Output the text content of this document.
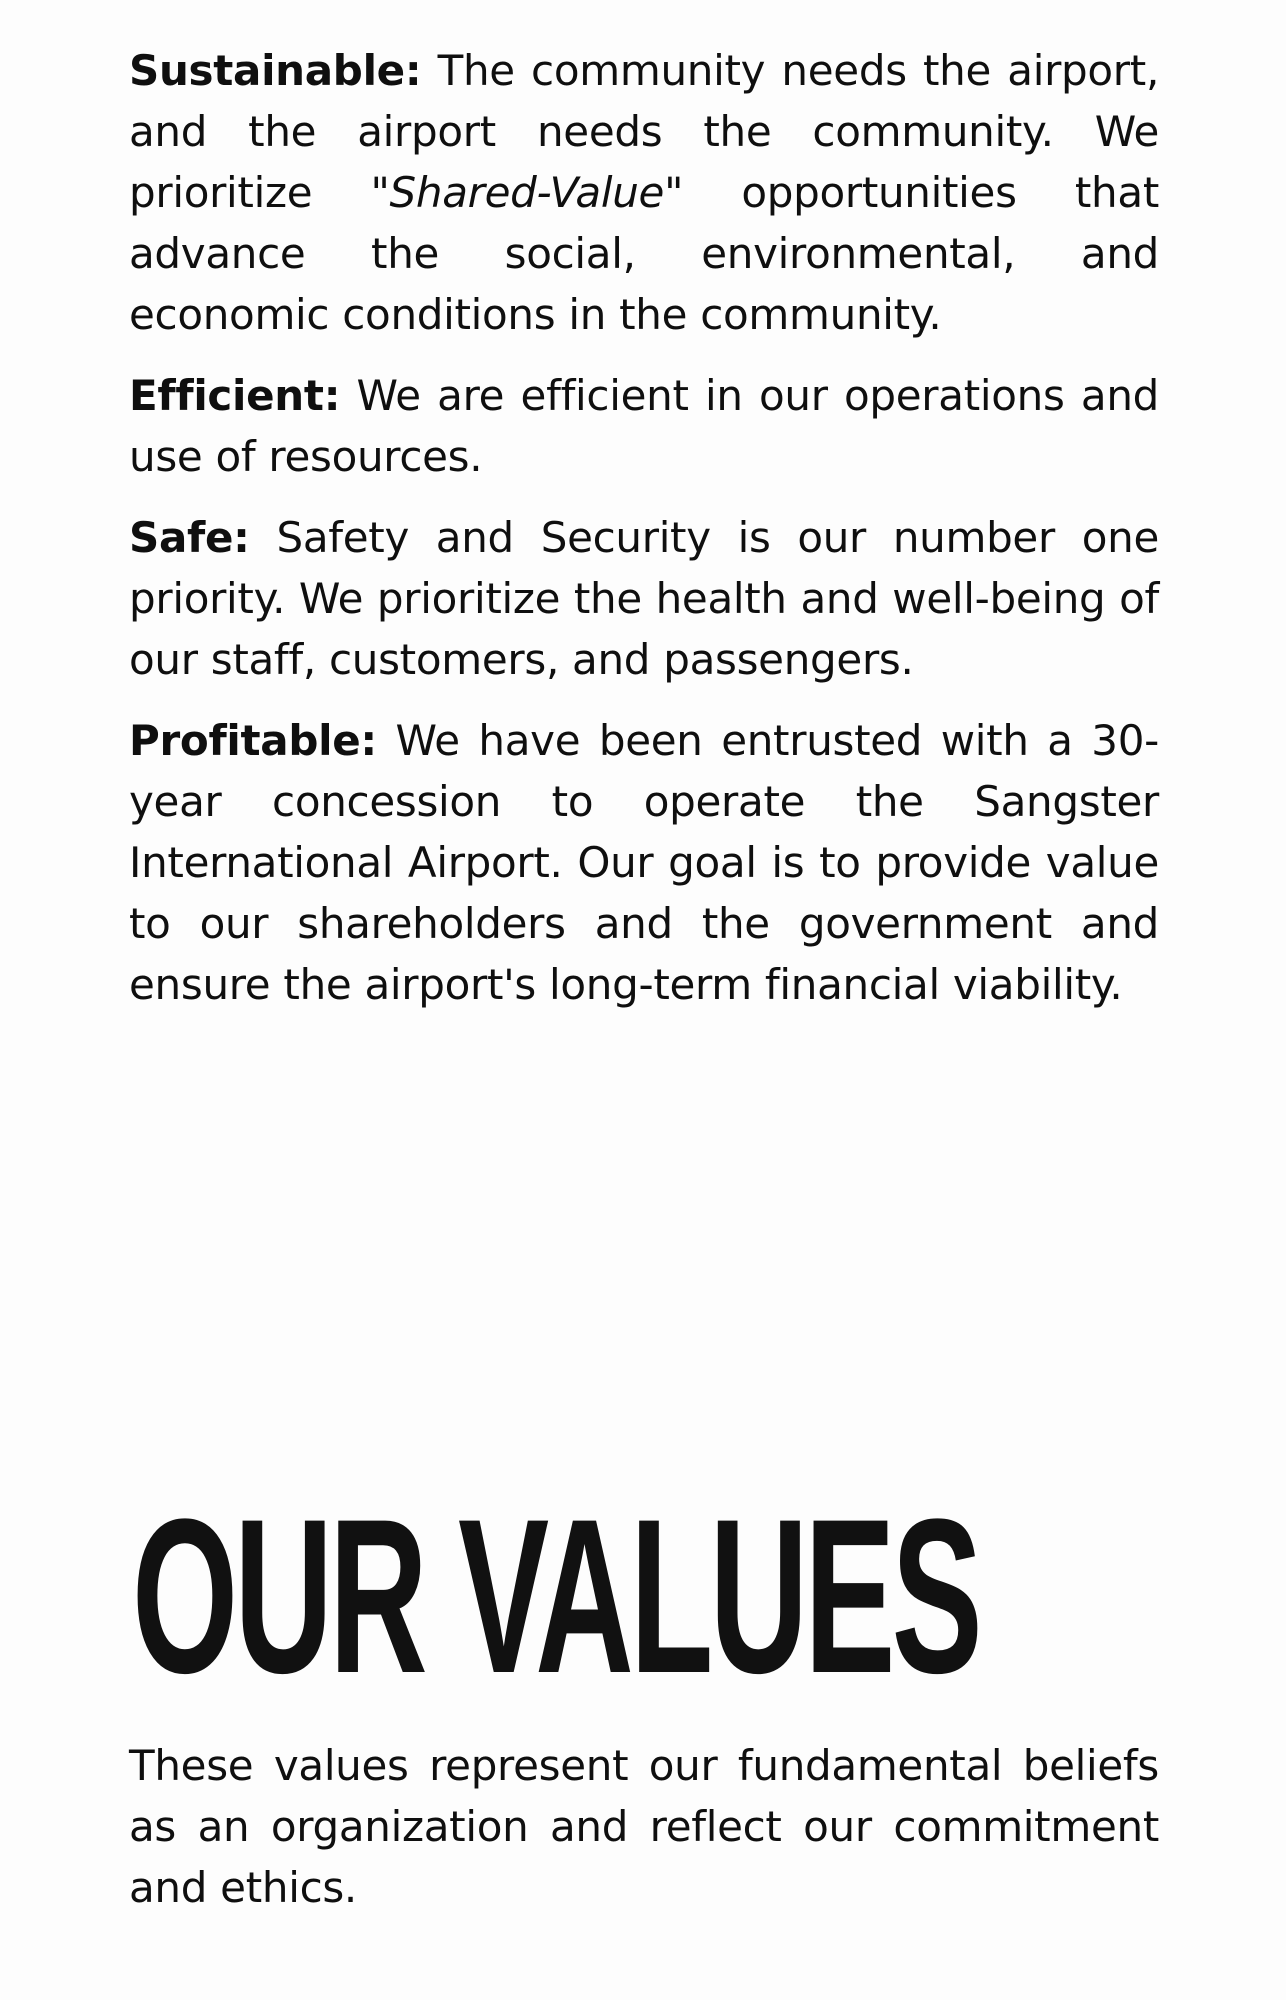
Sustainable: The community needs the airport, and the airport needs the community. We prioritize "Shared-Value" opportunities that advance the social, environmental, and economic conditions in the community.

Efficient: We are efficient in our operations and use of resources.

Safe: Safety and Security is our number one priority. We prioritize the health and well-being of our staff, customers, and passengers.

Profitable: We have been entrusted with a 30-year concession to operate the Sangster International Airport. Our goal is to provide value to our shareholders and the government and ensure the airport's long-term financial viability.

OUR VALUES

These values represent our fundamental beliefs as an organization and reflect our commitment and ethics.
